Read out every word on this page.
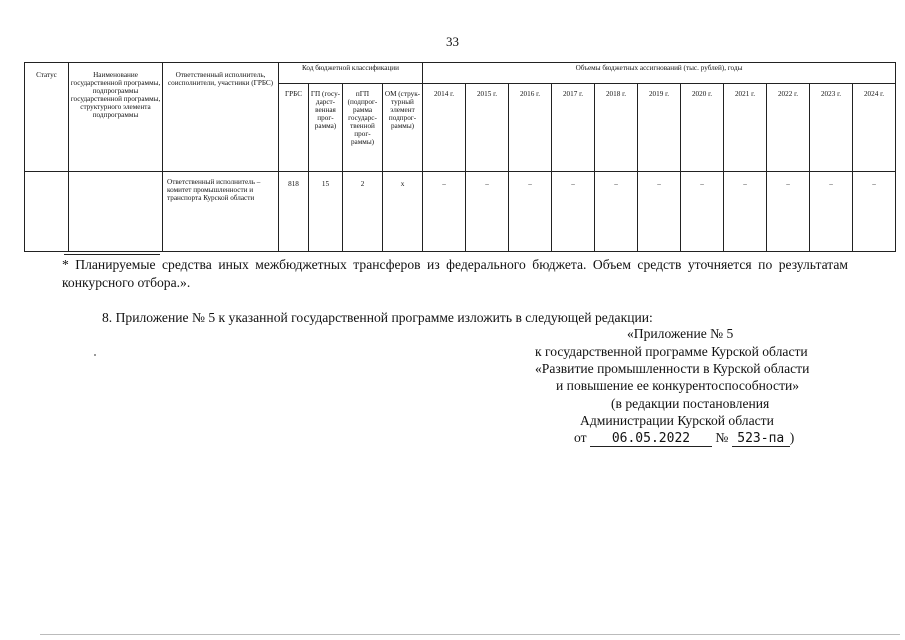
33
Статус	Наименование государственной программы, подпрограммы государственной программы, структурного элемента подпрограммы	Ответственный исполнитель, соисполнители, участники (ГРБС)	Код бюджетной классификации				Объемы бюджетных ассигнований (тыс. рублей), годы										
			ГРБС	ГП (госу-дарст-венная прог-рамма)	пГП (подпрог-рамма государс-твенной прог-раммы)	ОМ (струк-турный элемент подпрог-раммы)	2014 г.	2015 г.	2016 г.	2017 г.	2018 г.	2019 г.	2020 г.	2021 г.	2022 г.	2023 г.	2024 г.
		Ответственный исполнитель – комитет промышленности и транспорта Курской области	818	15	2	х	–	–	–	–	–	–	–	–	–	–	–
* Планируемые средства иных межбюджетных трансферов из федерального бюджета. Объем средств уточняется по результатам конкурсного отбора.».
8. Приложение № 5 к указанной государственной программе изложить в следующей редакции:
«Приложение № 5
к государственной программе Курской области
«Развитие промышленности в Курской области
и повышение ее конкурентоспособности»
(в редакции постановления
Администрации Курской области
от 06.05.2022 № 523-па )
